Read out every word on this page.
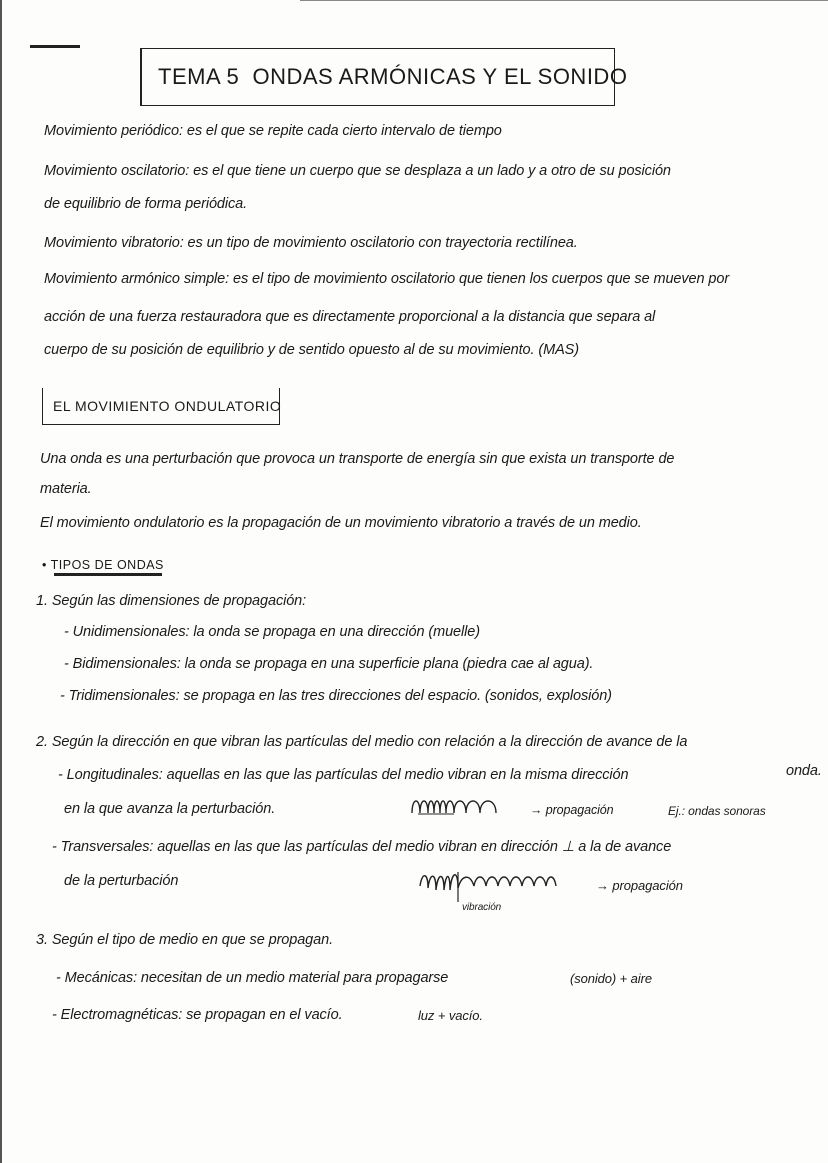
TEMA 5  ONDAS ARMÓNICAS Y EL SONIDO
Movimiento periódico: es el que se repite cada cierto intervalo de tiempo
Movimiento oscilatorio: es el que tiene un cuerpo que se desplaza a un lado y a otro de su posición
de equilibrio de forma periódica.
Movimiento vibratorio: es un tipo de movimiento oscilatorio con trayectoria rectilínea.
Movimiento armónico simple: es el tipo de movimiento oscilatorio que tienen los cuerpos que se mueven por
acción de una fuerza restauradora que es directamente proporcional a la distancia que separa al
cuerpo de su posición de equilibrio y de sentido opuesto al de su movimiento. (MAS)
EL MOVIMIENTO ONDULATORIO
Una onda es una perturbación que provoca un transporte de energía sin que exista un transporte de
materia.
El movimiento ondulatorio es la propagación de un movimiento vibratorio a través de un medio.
• TIPOS DE ONDAS
1. Según las dimensiones de propagación:
- Unidimensionales: la onda se propaga en una dirección (muelle)
- Bidimensionales: la onda se propaga en una superficie plana (piedra cae al agua).
- Tridimensionales: se propaga en las tres direcciones del espacio. (sonidos, explosión)
2. Según la dirección en que vibran las partículas del medio con relación a la dirección de avance de la
onda.
- Longitudinales: aquellas en las que las partículas del medio vibran en la misma dirección
en la que avanza la perturbación.	→ propagación	Ej.: ondas sonoras
- Transversales: aquellas en las que las partículas del medio vibran en dirección ⊥ a la de avance
de la perturbación
vibración
→ propagación
3. Según el tipo de medio en que se propagan.
- Mecánicas: necesitan de un medio material para propagarse	(sonido) + aire
- Electromagnéticas: se propagan en el vacío.	luz + vacío.
